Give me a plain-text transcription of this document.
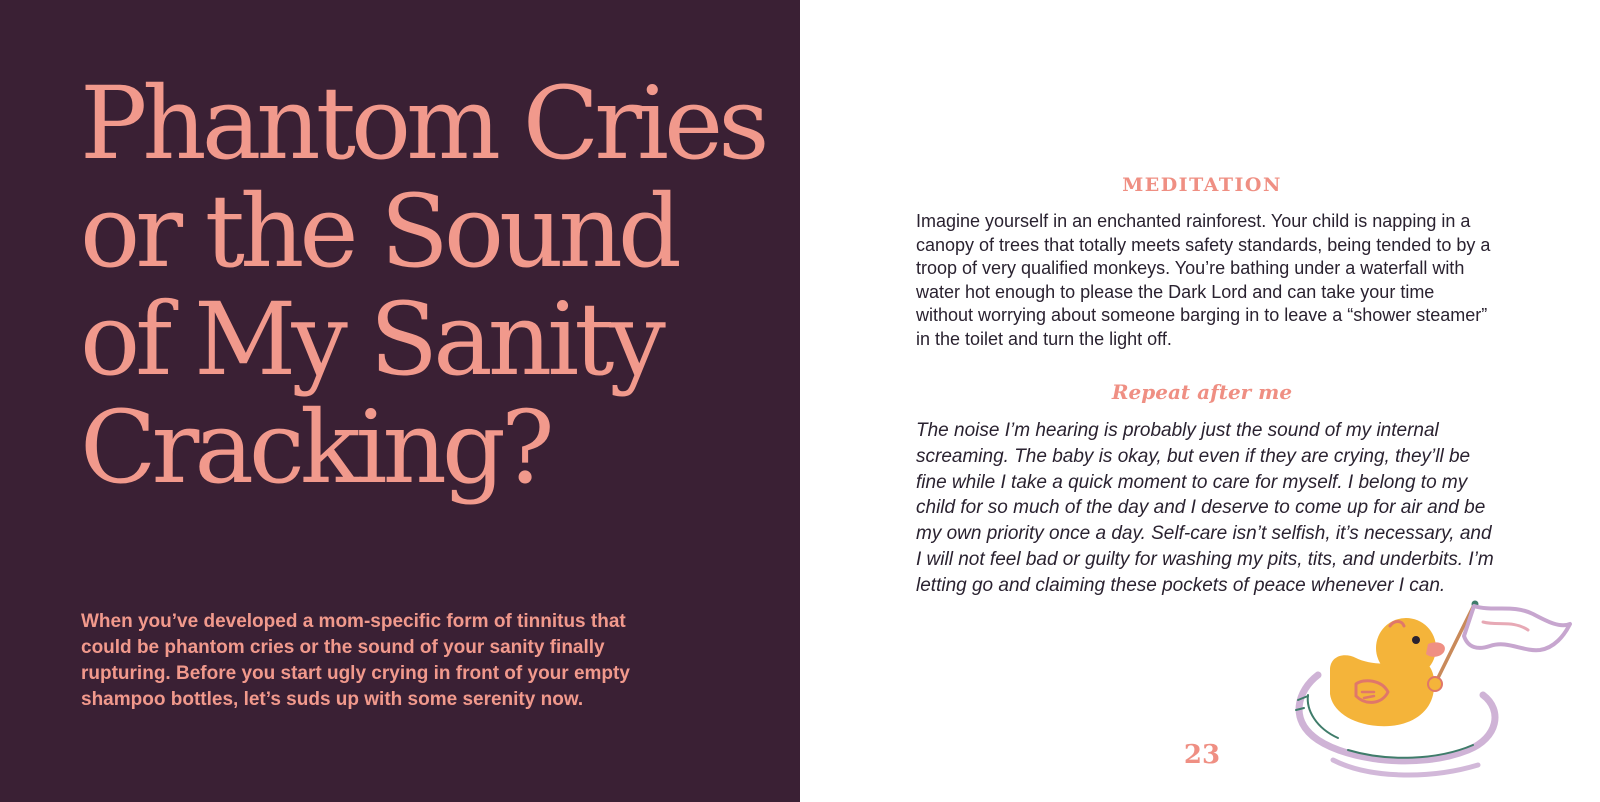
Phantom Cries
or the Sound
of My Sanity
Cracking?

When you’ve developed a mom-specific form of tinnitus that could be phantom cries or the sound of your sanity finally rupturing. Before you start ugly crying in front of your empty shampoo bottles, let’s suds up with some serenity now.

MEDITATION

Imagine yourself in an enchanted rainforest. Your child is napping in a canopy of trees that totally meets safety standards, being tended to by a troop of very qualified monkeys. You’re bathing under a waterfall with water hot enough to please the Dark Lord and can take your time without worrying about someone barging in to leave a “shower steamer” in the toilet and turn the light off.

Repeat after me

The noise I’m hearing is probably just the sound of my internal screaming. The baby is okay, but even if they are crying, they’ll be fine while I take a quick moment to care for myself. I belong to my child for so much of the day and I deserve to come up for air and be my own priority once a day. Self-care isn’t selfish, it’s necessary, and I will not feel bad or guilty for washing my pits, tits, and underbits. I’m letting go and claiming these pockets of peace whenever I can.

23
